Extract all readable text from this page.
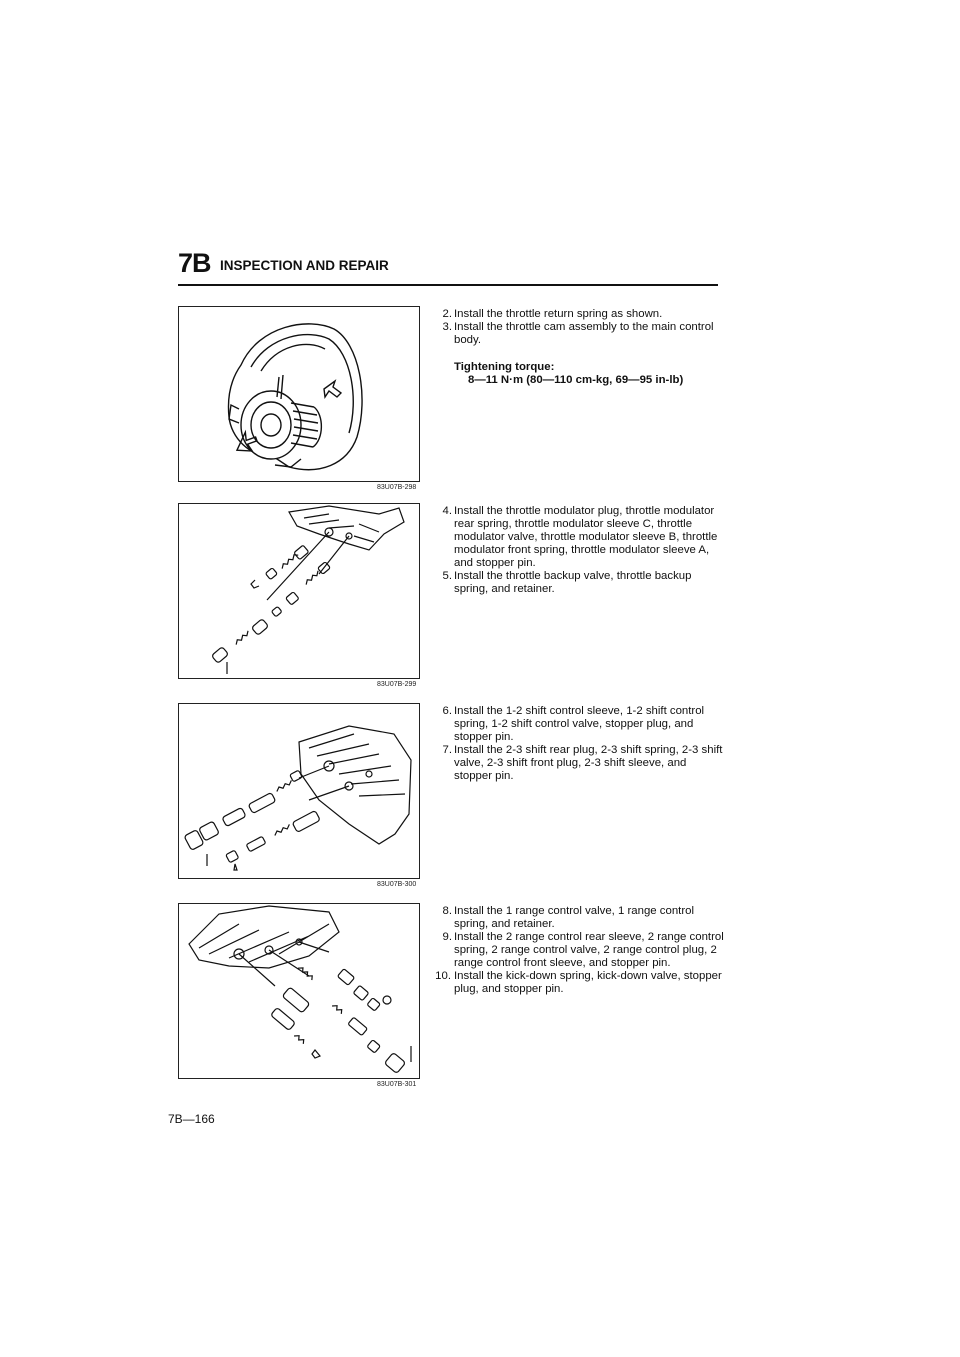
7B INSPECTION AND REPAIR
83U07B-298
83U07B-299
83U07B-300
83U07B-301

2. Install the throttle return spring as shown.

3. Install the throttle cam assembly to the main control body.

Tightening torque:
8—11 N·m (80—110 cm-kg, 69—95 in-lb)

4. Install the throttle modulator plug, throttle modulator rear spring, throttle modulator sleeve C, throttle modulator valve, throttle modulator sleeve B, throttle modulator front spring, throttle modulator sleeve A, and stopper pin.

5. Install the throttle backup valve, throttle backup spring, and retainer.

6. Install the 1-2 shift control sleeve, 1-2 shift control spring, 1-2 shift control valve, stopper plug, and stopper pin.

7. Install the 2-3 shift rear plug, 2-3 shift spring, 2-3 shift valve, 2-3 shift front plug, 2-3 shift sleeve, and stopper pin.

8. Install the 1 range control valve, 1 range control spring, and retainer.

9. Install the 2 range control rear sleeve, 2 range control spring, 2 range control valve, 2 range control plug, 2 range control front sleeve, and stopper pin.

10. Install the kick-down spring, kick-down valve, stopper plug, and stopper pin.

7B—166
